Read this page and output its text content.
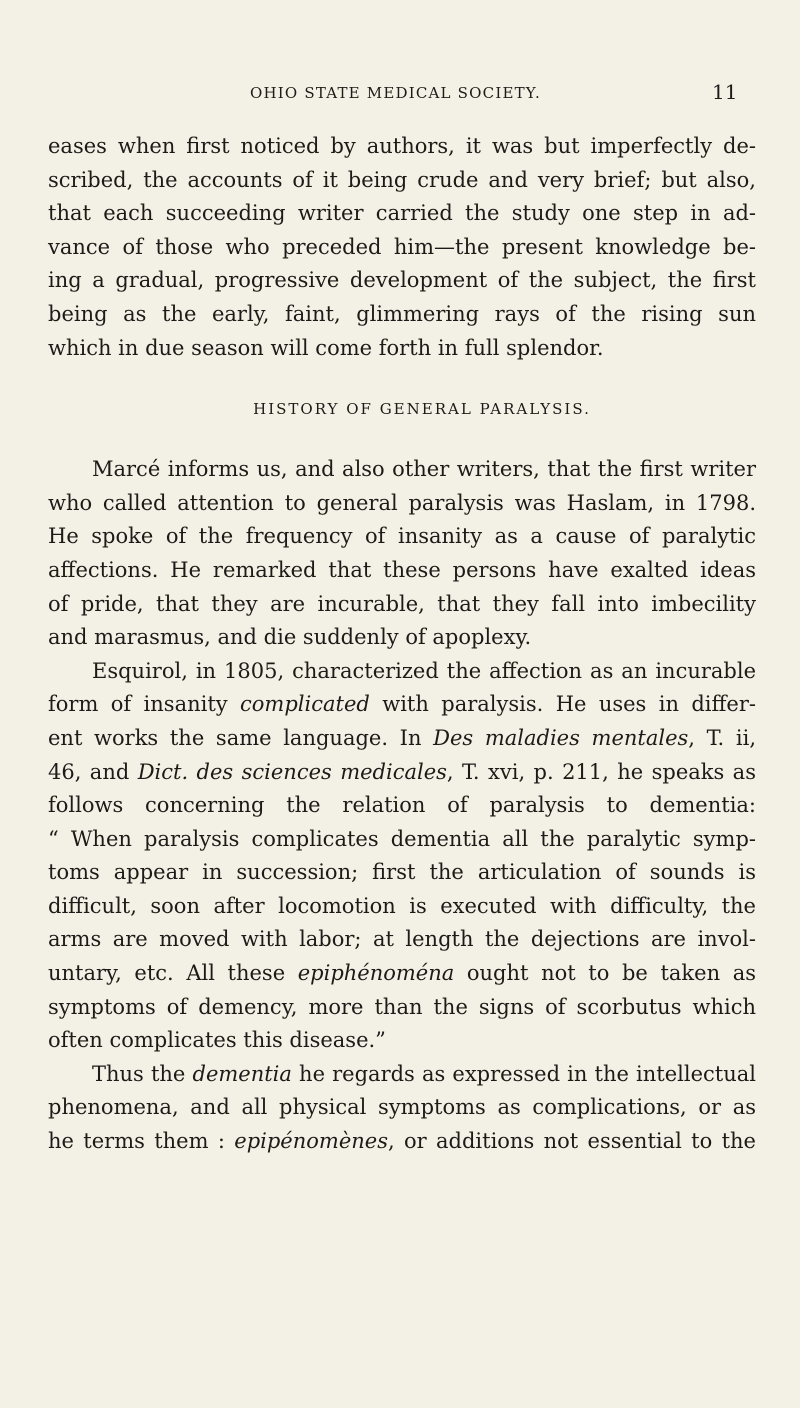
OHIO STATE MEDICAL SOCIETY.	11
eases when first noticed by authors, it was but imperfectly de-
scribed, the accounts of it being crude and very brief; but also,
that each succeeding writer carried the study one step in ad-
vance of those who preceded him—the present knowledge be-
ing a gradual, progressive development of the subject, the first
being as the early, faint, glimmering rays of the rising sun
which in due season will come forth in full splendor.
HISTORY OF GENERAL PARALYSIS.
Marcé informs us, and also other writers, that the first writer
who called attention to general paralysis was Haslam, in 1798.
He spoke of the frequency of insanity as a cause of paralytic
affections. He remarked that these persons have exalted ideas
of pride, that they are incurable, that they fall into imbecility
and marasmus, and die suddenly of apoplexy.
Esquirol, in 1805, characterized the affection as an incurable
form of insanity complicated with paralysis. He uses in differ-
ent works the same language. In Des maladies mentales, T. ii,
46, and Dict. des sciences medicales, T. xvi, p. 211, he speaks as
follows concerning the relation of paralysis to dementia:
“ When paralysis complicates dementia all the paralytic symp-
toms appear in succession; first the articulation of sounds is
difficult, soon after locomotion is executed with difficulty, the
arms are moved with labor; at length the dejections are invol-
untary, etc. All these epiphénoménа ought not to be taken as
symptoms of demency, more than the signs of scorbutus which
often complicates this disease.”
Thus the dementia he regards as expressed in the intellectual
phenomena, and all physical symptoms as complications, or as
he terms them : epipénomènes, or additions not essential to the
